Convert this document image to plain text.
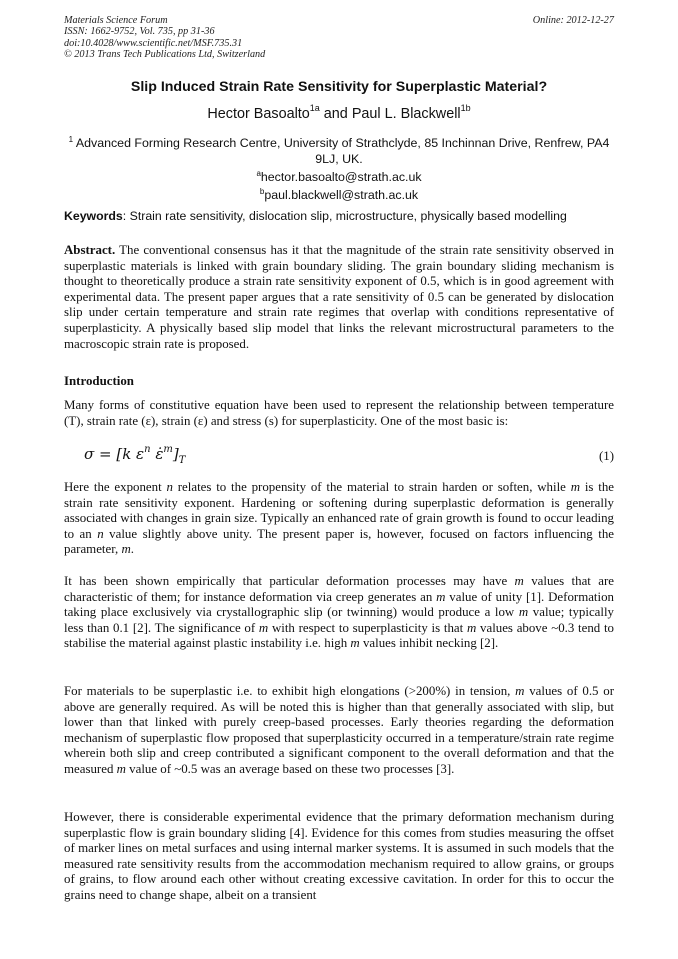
Materials Science Forum
ISSN: 1662-9752, Vol. 735, pp 31-36
doi:10.4028/www.scientific.net/MSF.735.31
© 2013 Trans Tech Publications Ltd, Switzerland
Online: 2012-12-27
Slip Induced Strain Rate Sensitivity for Superplastic Material?
Hector Basoalto$^{1a}$ and Paul L. Blackwell$^{1b}$
$^1$ Advanced Forming Research Centre, University of Strathclyde, 85 Inchinnan Drive, Renfrew, PA4 9LJ, UK.
$^a$hector.basoalto@strath.ac.uk
$^b$paul.blackwell@strath.ac.uk
Keywords: Strain rate sensitivity, dislocation slip, microstructure, physically based modelling
Abstract. The conventional consensus has it that the magnitude of the strain rate sensitivity observed in superplastic materials is linked with grain boundary sliding. The grain boundary sliding mechanism is thought to theoretically produce a strain rate sensitivity exponent of 0.5, which is in good agreement with experimental data. The present paper argues that a rate sensitivity of 0.5 can be generated by dislocation slip under certain temperature and strain rate regimes that overlap with conditions representative of superplasticity. A physically based slip model that links the relevant microstructural parameters to the macroscopic strain rate is proposed.
Introduction
Many forms of constitutive equation have been used to represent the relationship between temperature (T), strain rate (ε), strain (ε) and stress (s) for superplasticity. One of the most basic is:
σ = [k $\varepsilon^n$ $\varepsiloṅ^m]_T$	(1)
Here the exponent n relates to the propensity of the material to strain harden or soften, while m is the strain rate sensitivity exponent. Hardening or softening during superplastic deformation is generally associated with changes in grain size. Typically an enhanced rate of grain growth is found to occur leading to an n value slightly above unity. The present paper is, however, focused on factors influencing the parameter, m.
It has been shown empirically that particular deformation processes may have m values that are characteristic of them; for instance deformation via creep generates an m value of unity [1]. Deformation taking place exclusively via crystallographic slip (or twinning) would produce a low m value; typically less than 0.1 [2]. The significance of m with respect to superplasticity is that m values above ~0.3 tend to stabilise the material against plastic instability i.e. high m values inhibit necking [2].
For materials to be superplastic i.e. to exhibit high elongations (>200%) in tension, m values of 0.5 or above are generally required. As will be noted this is higher than that generally associated with slip, but lower than that linked with purely creep-based processes. Early theories regarding the deformation mechanism of superplastic flow proposed that superplasticity occurred in a temperature/strain rate regime wherein both slip and creep contributed a significant component to the overall deformation and that the measured m value of ~0.5 was an average based on these two processes [3].
However, there is considerable experimental evidence that the primary deformation mechanism during superplastic flow is grain boundary sliding [4]. Evidence for this comes from studies measuring the offset of marker lines on metal surfaces and using internal marker systems. It is assumed in such models that the measured rate sensitivity results from the accommodation mechanism required to allow grains, or groups of grains, to flow around each other without creating excessive cavitation. In order for this to occur the grains need to change shape, albeit on a transient
